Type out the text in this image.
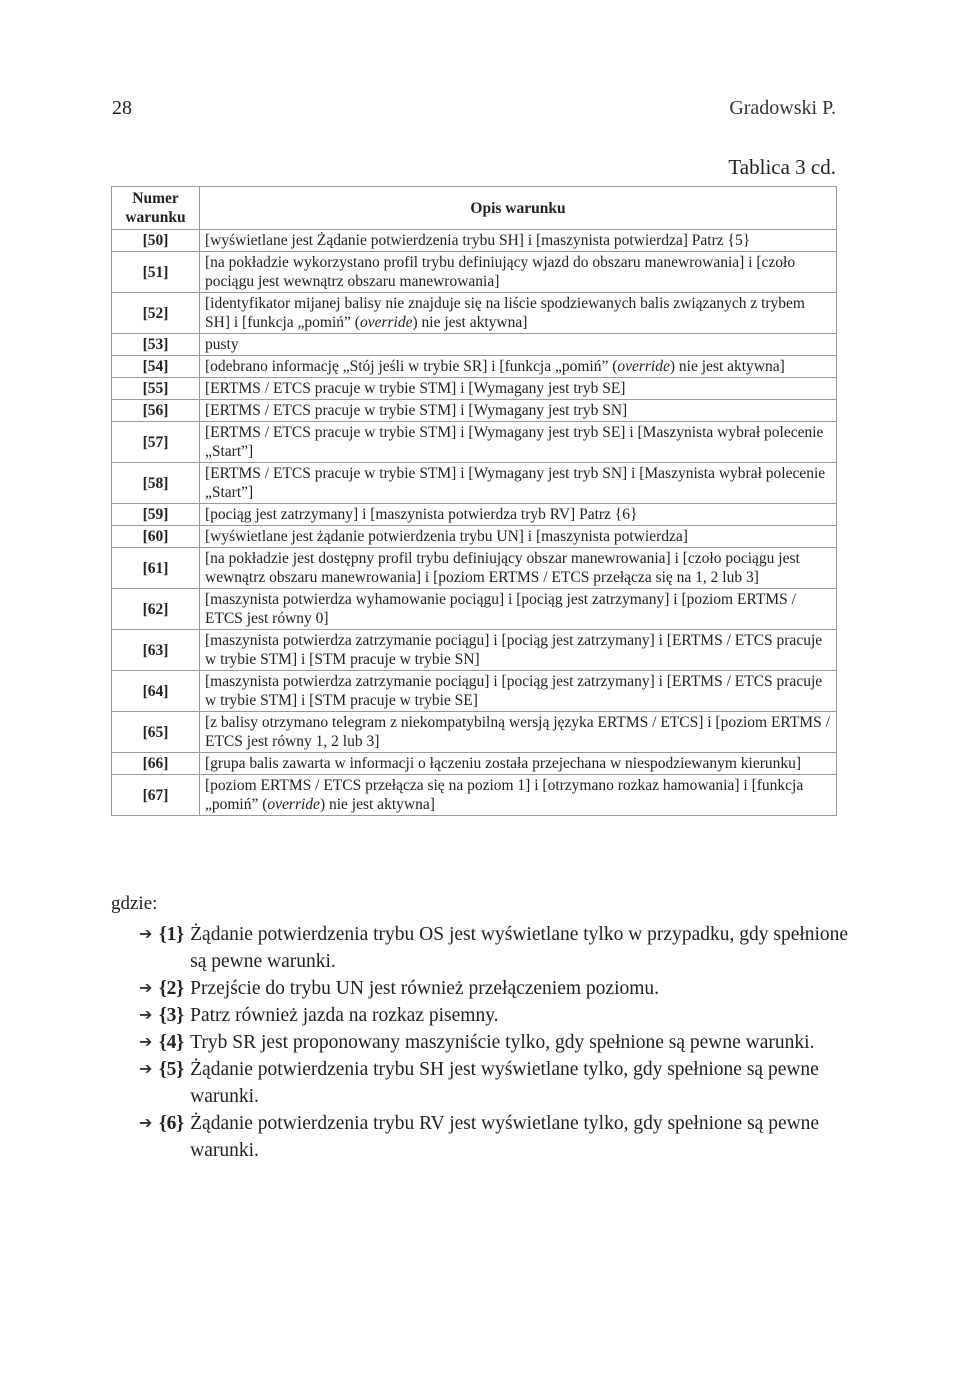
28	Gradowski P.
Tablica 3 cd.
Numer warunku	Opis warunku
[50]	[wyświetlane jest Żądanie potwierdzenia trybu SH] i [maszynista potwierdza] Patrz {5}
[51]	[na pokładzie wykorzystano profil trybu definiujący wjazd do obszaru manewrowania] i [czoło pociągu jest wewnątrz obszaru manewrowania]
[52]	[identyfikator mijanej balisy nie znajduje się na liście spodziewanych balis związanych z trybem SH] i [funkcja „pomiń” (override) nie jest aktywna]
[53]	pusty
[54]	[odebrano informację „Stój jeśli w trybie SR] i [funkcja „pomiń” (override) nie jest aktywna]
[55]	[ERTMS / ETCS pracuje w trybie STM] i [Wymagany jest tryb SE]
[56]	[ERTMS / ETCS pracuje w trybie STM] i [Wymagany jest tryb SN]
[57]	[ERTMS / ETCS pracuje w trybie STM] i [Wymagany jest tryb SE] i [Maszynista wybrał polecenie „Start”]
[58]	[ERTMS / ETCS pracuje w trybie STM] i [Wymagany jest tryb SN] i [Maszynista wybrał polecenie „Start”]
[59]	[pociąg jest zatrzymany] i [maszynista potwierdza tryb RV] Patrz {6}
[60]	[wyświetlane jest żądanie potwierdzenia trybu UN] i [maszynista potwierdza]
[61]	[na pokładzie jest dostępny profil trybu definiujący obszar manewrowania] i [czoło pociągu jest wewnątrz obszaru manewrowania] i [poziom ERTMS / ETCS przełącza się na 1, 2 lub 3]
[62]	[maszynista potwierdza wyhamowanie pociągu] i [pociąg jest zatrzymany] i [poziom ERTMS / ETCS jest równy 0]
[63]	[maszynista potwierdza zatrzymanie pociągu] i [pociąg jest zatrzymany] i [ERTMS / ETCS pracuje w trybie STM] i [STM pracuje w trybie SN]
[64]	[maszynista potwierdza zatrzymanie pociągu] i [pociąg jest zatrzymany] i [ERTMS / ETCS pracuje w trybie STM] i [STM pracuje w trybie SE]
[65]	[z balisy otrzymano telegram z niekompatybilną wersją języka ERTMS / ETCS] i [poziom ERTMS / ETCS jest równy 1, 2 lub 3]
[66]	[grupa balis zawarta w informacji o łączeniu została przejechana w niespodziewanym kierunku]
[67]	[poziom ERTMS / ETCS przełącza się na poziom 1] i [otrzymano rozkaz hamowania] i [funkcja „pomiń” (override) nie jest aktywna]
gdzie:
➔ {1} Żądanie potwierdzenia trybu OS jest wyświetlane tylko w przypadku, gdy spełnione są pewne warunki.
➔ {2} Przejście do trybu UN jest również przełączeniem poziomu.
➔ {3} Patrz również jazda na rozkaz pisemny.
➔ {4} Tryb SR jest proponowany maszyniście tylko, gdy spełnione są pewne warunki.
➔ {5} Żądanie potwierdzenia trybu SH jest wyświetlane tylko, gdy spełnione są pewne warunki.
➔ {6} Żądanie potwierdzenia trybu RV jest wyświetlane tylko, gdy spełnione są pewne warunki.
